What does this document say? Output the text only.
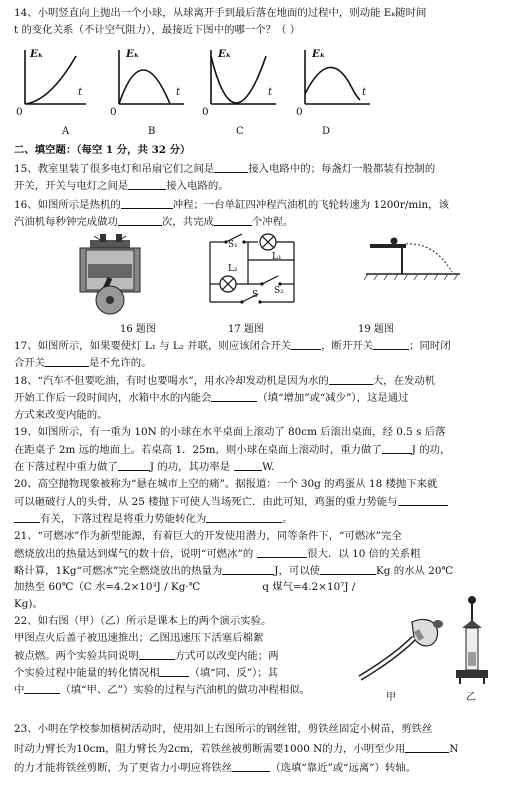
14、小明竖直向上抛出一个小球，从球离开手到最后落在地面的过程中，则动能 Eₖ随时间
t 的变化关系（不计空气阻力），最接近下图中的哪一个？（ ）
Eₖ
t
0
Eₖ
t
0
Eₖ
t
0
Eₖ
t
0
A	B	C	D
二、填空题：（每空 1 分，共 32 分）
15、教室里装了很多电灯和吊扇它们之间是	接入电路中的；每盏灯一般都装有控制的
开关，开关与电灯之间是	接入电路的。
16、如图所示是热机的	冲程；一台单缸四冲程汽油机的飞轮转速为 1200r/min，该
汽油机每秒钟完成做功	次，共完成	个冲程。
16 题图
S₁
L₁
L₂
S₂
S
17 题图	19 题图
17、如图所示，如果要使灯 L₁ 与 L₂ 并联，则应该闭合开关	，断开开关	；同时闭
合开关	是不允许的。
18、“汽车不但要吃油，有时也要喝水”，用水冷却发动机是因为水的	大，在发动机
开始工作后一段时间内，水箱中水的内能会	（填“增加”或“减少”），这是通过
方式来改变内能的。
19、如图所示，有一重为 10N 的小球在水平桌面上滚动了 80cm 后滚出桌面，经 0.5 s 后落
在距桌子 2m 远的地面上。若桌高 1．25m，则小球在桌面上滚动时，重力做了	J 的功，
在下落过程中重力做了	J 的功，其功率是	W.
20、高空抛物现象被称为“悬在城市上空的痛”。据报道：一个 30g 的鸡蛋从 18 楼抛下来就
可以砸破行人的头骨，从 25 楼抛下可使人当场死亡．由此可知，鸡蛋的重力势能与
有关，下落过程是将重力势能转化为	。
21、“可燃冰”作为新型能源，有着巨大的开发使用潜力，同等条件下，“可燃冰”完全
燃烧放出的热量达到煤气的数十倍，说明“可燃冰”的	很大．以 10 倍的关系粗
略计算，1Kg“可燃冰”完全燃烧放出的热量为	J，可以使	Kg 的水从 20℃
加热至 60℃（C 水=4.2×10³J / Kg·℃	q 煤气=4.2×10⁷J /
Kg)。
22、如右图（甲）（乙）所示是课本上的两个演示实验。
甲图点火后盖子被迅速推出；乙图迅速压下活塞后棉絮
被点燃。两个实验共同说明	方式可以改变内能；两
个实验过程中能量的转化情况相	（填“同、反”）；其
中	（填“甲、乙”）实验的过程与汽油机的做功冲程相似。
甲	乙
23、小明在学校参加植树活动时，使用如上右图所示的钢丝钳，剪铁丝固定小树苗，剪铁丝
时动力臂长为10cm，阻力臂长为2cm，若铁丝被剪断需要1000 N的力，小明至少用	N
的力才能将铁丝剪断，为了更省力小明应将铁丝	（选填“靠近”或“远离”）转轴。
